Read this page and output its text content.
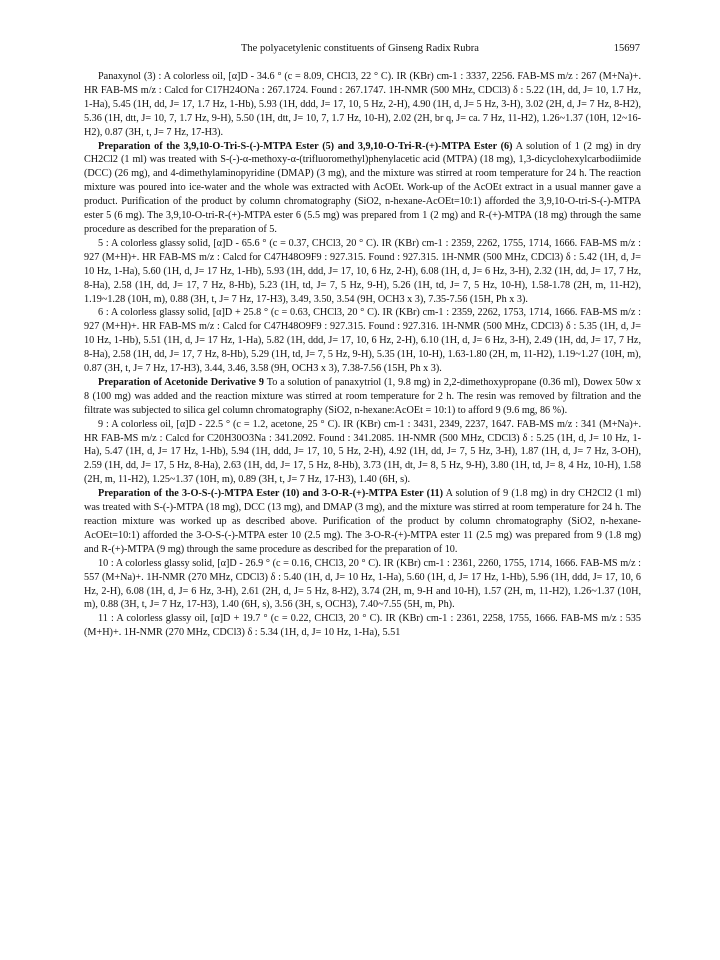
The polyacetylenic constituents of Ginseng Radix Rubra	15697

Panaxynol (3) : A colorless oil, [α]D - 34.6 ° (c = 8.09, CHCl3, 22 ° C). IR (KBr) cm-1 : 3337, 2256. FAB-MS m/z : 267 (M+Na)+. HR FAB-MS m/z : Calcd for C17H24ONa : 267.1724. Found : 267.1747. 1H-NMR (500 MHz, CDCl3) δ : 5.22 (1H, dd, J= 10, 1.7 Hz, 1-Ha), 5.45 (1H, dd, J= 17, 1.7 Hz, 1-Hb), 5.93 (1H, ddd, J= 17, 10, 5 Hz, 2-H), 4.90 (1H, d, J= 5 Hz, 3-H), 3.02 (2H, d, J= 7 Hz, 8-H2), 5.36 (1H, dtt, J= 10, 7, 1.7 Hz, 9-H), 5.50 (1H, dtt, J= 10, 7, 1.7 Hz, 10-H), 2.02 (2H, br q, J= ca. 7 Hz, 11-H2), 1.26~1.37 (10H, 12~16-H2), 0.87 (3H, t, J= 7 Hz, 17-H3).

Preparation of the 3,9,10-O-Tri-S-(-)-MTPA Ester (5) and 3,9,10-O-Tri-R-(+)-MTPA Ester (6) A solution of 1 (2 mg) in dry CH2Cl2 (1 ml) was treated with S-(-)-α-methoxy-α-(trifluoromethyl)phenylacetic acid (MTPA) (18 mg), 1,3-dicyclohexylcarbodiimide (DCC) (26 mg), and 4-dimethylaminopyridine (DMAP) (3 mg), and the mixture was stirred at room temperature for 24 h. The reaction mixture was poured into ice-water and the whole was extracted with AcOEt. Work-up of the AcOEt extract in a usual manner gave a product. Purification of the product by column chromatography (SiO2, n-hexane-AcOEt=10:1) afforded the 3,9,10-O-tri-S-(-)-MTPA ester 5 (6 mg). The 3,9,10-O-tri-R-(+)-MTPA ester 6 (5.5 mg) was prepared from 1 (2 mg) and R-(+)-MTPA (18 mg) through the same procedure as described for the preparation of 5.

5 : A colorless glassy solid, [α]D - 65.6 ° (c = 0.37, CHCl3, 20 ° C). IR (KBr) cm-1 : 2359, 2262, 1755, 1714, 1666. FAB-MS m/z : 927 (M+H)+. HR FAB-MS m/z : Calcd for C47H48O9F9 : 927.315. Found : 927.315. 1H-NMR (500 MHz, CDCl3) δ : 5.42 (1H, d, J= 10 Hz, 1-Ha), 5.60 (1H, d, J= 17 Hz, 1-Hb), 5.93 (1H, ddd, J= 17, 10, 6 Hz, 2-H), 6.08 (1H, d, J= 6 Hz, 3-H), 2.32 (1H, dd, J= 17, 7 Hz, 8-Ha), 2.58 (1H, dd, J= 17, 7 Hz, 8-Hb), 5.23 (1H, td, J= 7, 5 Hz, 9-H), 5.26 (1H, td, J= 7, 5 Hz, 10-H), 1.58-1.78 (2H, m, 11-H2), 1.19~1.28 (10H, m), 0.88 (3H, t, J= 7 Hz, 17-H3), 3.49, 3.50, 3.54 (9H, OCH3 x 3), 7.35-7.56 (15H, Ph x 3).

6 : A colorless glassy solid, [α]D + 25.8 ° (c = 0.63, CHCl3, 20 ° C). IR (KBr) cm-1 : 2359, 2262, 1753, 1714, 1666. FAB-MS m/z : 927 (M+H)+. HR FAB-MS m/z : Calcd for C47H48O9F9 : 927.315. Found : 927.316. 1H-NMR (500 MHz, CDCl3) δ : 5.35 (1H, d, J= 10 Hz, 1-Hb), 5.51 (1H, d, J= 17 Hz, 1-Ha), 5.82 (1H, ddd, J= 17, 10, 6 Hz, 2-H), 6.10 (1H, d, J= 6 Hz, 3-H), 2.49 (1H, dd, J= 17, 7 Hz, 8-Ha), 2.58 (1H, dd, J= 17, 7 Hz, 8-Hb), 5.29 (1H, td, J= 7, 5 Hz, 9-H), 5.35 (1H, 10-H), 1.63-1.80 (2H, m, 11-H2), 1.19~1.27 (10H, m), 0.87 (3H, t, J= 7 Hz, 17-H3), 3.44, 3.46, 3.58 (9H, OCH3 x 3), 7.38-7.56 (15H, Ph x 3).

Preparation of Acetonide Derivative 9 To a solution of panaxytriol (1, 9.8 mg) in 2,2-dimethoxypropane (0.36 ml), Dowex 50w x 8 (100 mg) was added and the reaction mixture was stirred at room temperature for 2 h. The resin was removed by filtration and the filtrate was subjected to silica gel column chromatography (SiO2, n-hexane:AcOEt = 10:1) to afford 9 (9.6 mg, 86 %).

9 : A colorless oil, [α]D - 22.5 ° (c = 1.2, acetone, 25 ° C). IR (KBr) cm-1 : 3431, 2349, 2237, 1647. FAB-MS m/z : 341 (M+Na)+. HR FAB-MS m/z : Calcd for C20H30O3Na : 341.2092. Found : 341.2085. 1H-NMR (500 MHz, CDCl3) δ : 5.25 (1H, d, J= 10 Hz, 1-Ha), 5.47 (1H, d, J= 17 Hz, 1-Hb), 5.94 (1H, ddd, J= 17, 10, 5 Hz, 2-H), 4.92 (1H, dd, J= 7, 5 Hz, 3-H), 1.87 (1H, d, J= 7 Hz, 3-OH), 2.59 (1H, dd, J= 17, 5 Hz, 8-Ha), 2.63 (1H, dd, J= 17, 5 Hz, 8-Hb), 3.73 (1H, dt, J= 8, 5 Hz, 9-H), 3.80 (1H, td, J= 8, 4 Hz, 10-H), 1.58 (2H, m, 11-H2), 1.25~1.37 (10H, m), 0.89 (3H, t, J= 7 Hz, 17-H3), 1.40 (6H, s).

Preparation of the 3-O-S-(-)-MTPA Ester (10) and 3-O-R-(+)-MTPA Ester (11) A solution of 9 (1.8 mg) in dry CH2Cl2 (1 ml) was treated with S-(-)-MTPA (18 mg), DCC (13 mg), and DMAP (3 mg), and the mixture was stirred at room temperature for 24 h. The reaction mixture was worked up as described above. Purification of the product by column chromatography (SiO2, n-hexane-AcOEt=10:1) afforded the 3-O-S-(-)-MTPA ester 10 (2.5 mg). The 3-O-R-(+)-MTPA ester 11 (2.5 mg) was prepared from 9 (1.8 mg) and R-(+)-MTPA (9 mg) through the same procedure as described for the preparation of 10.

10 : A colorless glassy solid, [α]D - 26.9 ° (c = 0.16, CHCl3, 20 ° C). IR (KBr) cm-1 : 2361, 2260, 1755, 1714, 1666. FAB-MS m/z : 557 (M+Na)+. 1H-NMR (270 MHz, CDCl3) δ : 5.40 (1H, d, J= 10 Hz, 1-Ha), 5.60 (1H, d, J= 17 Hz, 1-Hb), 5.96 (1H, ddd, J= 17, 10, 6 Hz, 2-H), 6.08 (1H, d, J= 6 Hz, 3-H), 2.61 (2H, d, J= 5 Hz, 8-H2), 3.74 (2H, m, 9-H and 10-H), 1.57 (2H, m, 11-H2), 1.26~1.37 (10H, m), 0.88 (3H, t, J= 7 Hz, 17-H3), 1.40 (6H, s), 3.56 (3H, s, OCH3), 7.40~7.55 (5H, m, Ph).

11 : A colorless glassy oil, [α]D + 19.7 ° (c = 0.22, CHCl3, 20 ° C). IR (KBr) cm-1 : 2361, 2258, 1755, 1666. FAB-MS m/z : 535 (M+H)+. 1H-NMR (270 MHz, CDCl3) δ : 5.34 (1H, d, J= 10 Hz, 1-Ha), 5.51
